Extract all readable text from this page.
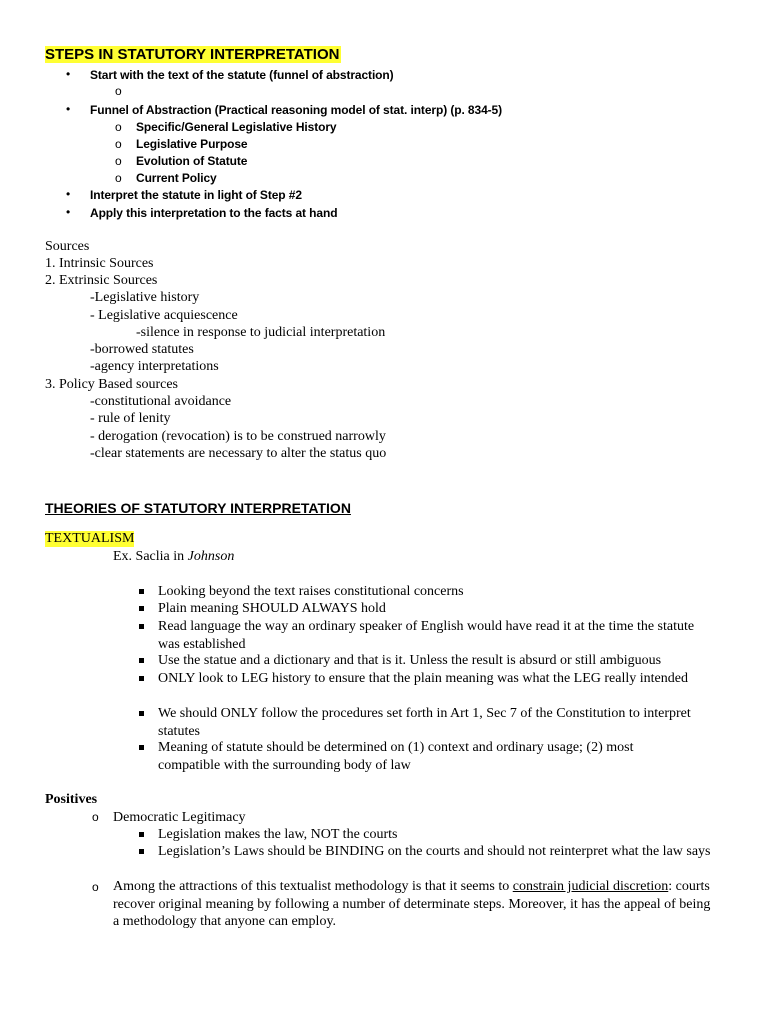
STEPS IN STATUTORY INTERPRETATION
• Start with the text of the statute (funnel of abstraction)
o
• Funnel of Abstraction (Practical reasoning model of stat. interp) (p. 834-5)
o Specific/General Legislative History
o Legislative Purpose
o Evolution of Statute
o Current Policy
• Interpret the statute in light of Step #2
• Apply this interpretation to the facts at hand
Sources
1. Intrinsic Sources
2. Extrinsic Sources
-Legislative history
- Legislative acquiescence
-silence in response to judicial interpretation
-borrowed statutes
-agency interpretations
3. Policy Based sources
-constitutional avoidance
- rule of lenity
- derogation (revocation) is to be construed narrowly
-clear statements are necessary to alter the status quo
THEORIES OF STATUTORY INTERPRETATION
TEXTUALISM
Ex. Saclia in Johnson
Looking beyond the text raises constitutional concerns
Plain meaning SHOULD ALWAYS hold
Read language the way an ordinary speaker of English would have read it at the time the statute was established
Use the statue and a dictionary and that is it. Unless the result is absurd or still ambiguous
ONLY look to LEG history to ensure that the plain meaning was what the LEG really intended
We should ONLY follow the procedures set forth in Art 1, Sec 7 of the Constitution to interpret statutes
Meaning of statute should be determined on (1) context and ordinary usage; (2) most compatible with the surrounding body of law
Positives
o Democratic Legitimacy
Legislation makes the law, NOT the courts
Legislation’s Laws should be BINDING on the courts and should not reinterpret what the law says
o Among the attractions of this textualist methodology is that it seems to constrain judicial discretion: courts recover original meaning by following a number of determinate steps. Moreover, it has the appeal of being a methodology that anyone can employ.
